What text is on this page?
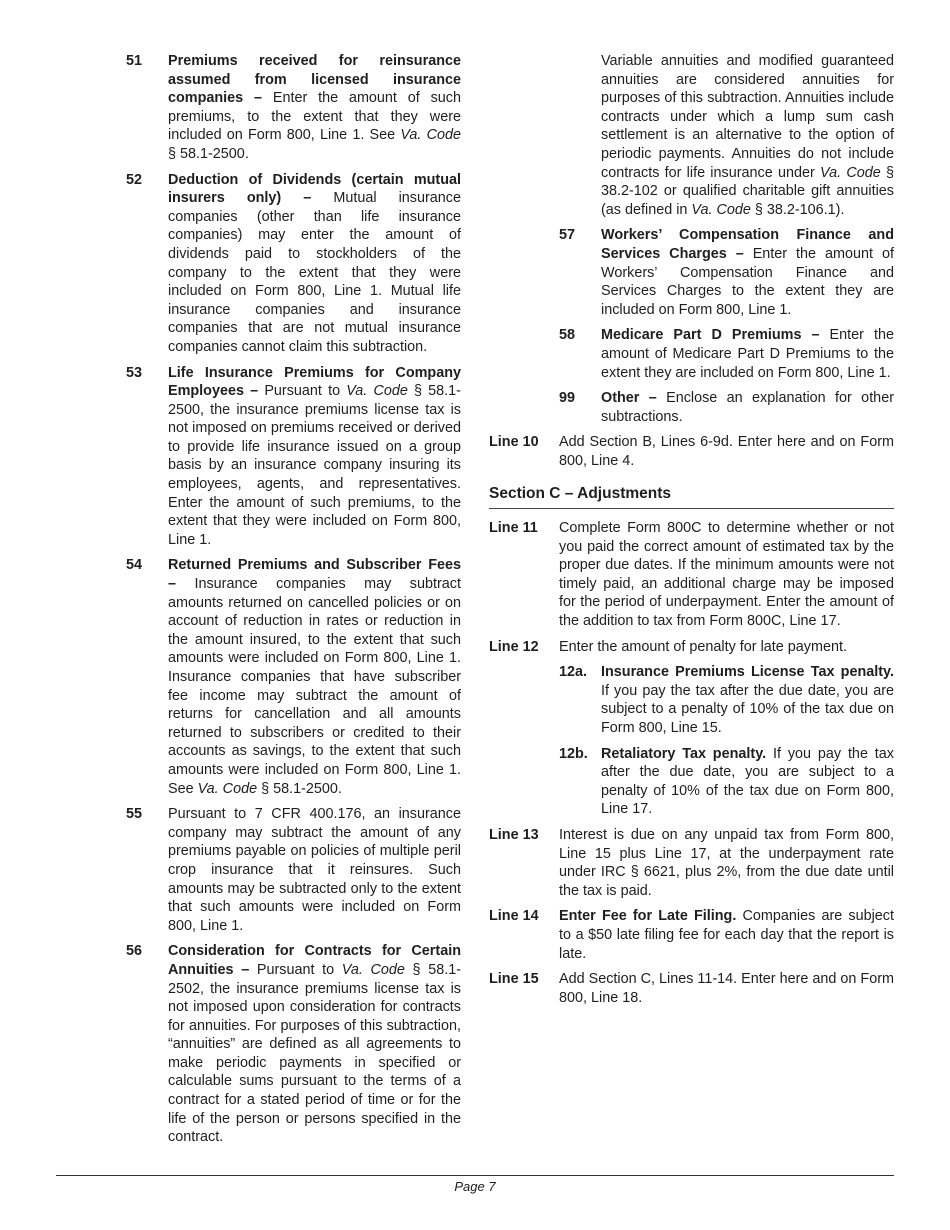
51	Premiums received for reinsurance assumed from licensed insurance companies – Enter the amount of such premiums, to the extent that they were included on Form 800, Line 1. See Va. Code § 58.1-2500.
52	Deduction of Dividends (certain mutual insurers only) – Mutual insurance companies (other than life insurance companies) may enter the amount of dividends paid to stockholders of the company to the extent that they were included on Form 800, Line 1. Mutual life insurance companies and insurance companies that are not mutual insurance companies cannot claim this subtraction.
53	Life Insurance Premiums for Company Employees – Pursuant to Va. Code § 58.1-2500, the insurance premiums license tax is not imposed on premiums received or derived to provide life insurance issued on a group basis by an insurance company insuring its employees, agents, and representatives. Enter the amount of such premiums, to the extent that they were included on Form 800, Line 1.
54	Returned Premiums and Subscriber Fees – Insurance companies may subtract amounts returned on cancelled policies or on account of reduction in rates or reduction in the amount insured, to the extent that such amounts were included on Form 800, Line 1. Insurance companies that have subscriber fee income may subtract the amount of returns for cancellation and all amounts returned to subscribers or credited to their accounts as savings, to the extent that such amounts were included on Form 800, Line 1. See Va. Code § 58.1-2500.
55	Pursuant to 7 CFR 400.176, an insurance company may subtract the amount of any premiums payable on policies of multiple peril crop insurance that it reinsures. Such amounts may be subtracted only to the extent that such amounts were included on Form 800, Line 1.
56	Consideration for Contracts for Certain Annuities – Pursuant to Va. Code § 58.1-2502, the insurance premiums license tax is not imposed upon consideration for contracts for annuities. For purposes of this subtraction, “annuities” are defined as all agreements to make periodic payments in specified or calculable sums pursuant to the terms of a contract for a stated period of time or for the life of the person or persons specified in the contract.
Variable annuities and modified guaranteed annuities are considered annuities for purposes of this subtraction. Annuities include contracts under which a lump sum cash settlement is an alternative to the option of periodic payments. Annuities do not include contracts for life insurance under Va. Code § 38.2-102 or qualified charitable gift annuities (as defined in Va. Code § 38.2-106.1).
57	Workers’ Compensation Finance and Services Charges – Enter the amount of Workers’ Compensation Finance and Services Charges to the extent they are included on Form 800, Line 1.
58	Medicare Part D Premiums – Enter the amount of Medicare Part D Premiums to the extent they are included on Form 800, Line 1.
99	Other – Enclose an explanation for other subtractions.
Line 10	Add Section B, Lines 6-9d. Enter here and on Form 800, Line 4.
Section C – Adjustments
Line 11	Complete Form 800C to determine whether or not you paid the correct amount of estimated tax by the proper due dates. If the minimum amounts were not timely paid, an additional charge may be imposed for the period of underpayment. Enter the amount of the addition to tax from Form 800C, Line 17.
Line 12	Enter the amount of penalty for late payment.
12a. Insurance Premiums License Tax penalty. If you pay the tax after the due date, you are subject to a penalty of 10% of the tax due on Form 800, Line 15.
12b. Retaliatory Tax penalty. If you pay the tax after the due date, you are subject to a penalty of 10% of the tax due on Form 800, Line 17.
Line 13	Interest is due on any unpaid tax from Form 800, Line 15 plus Line 17, at the underpayment rate under IRC § 6621, plus 2%, from the due date until the tax is paid.
Line 14	Enter Fee for Late Filing. Companies are subject to a $50 late filing fee for each day that the report is late.
Line 15	Add Section C, Lines 11-14. Enter here and on Form 800, Line 18.
Page 7
